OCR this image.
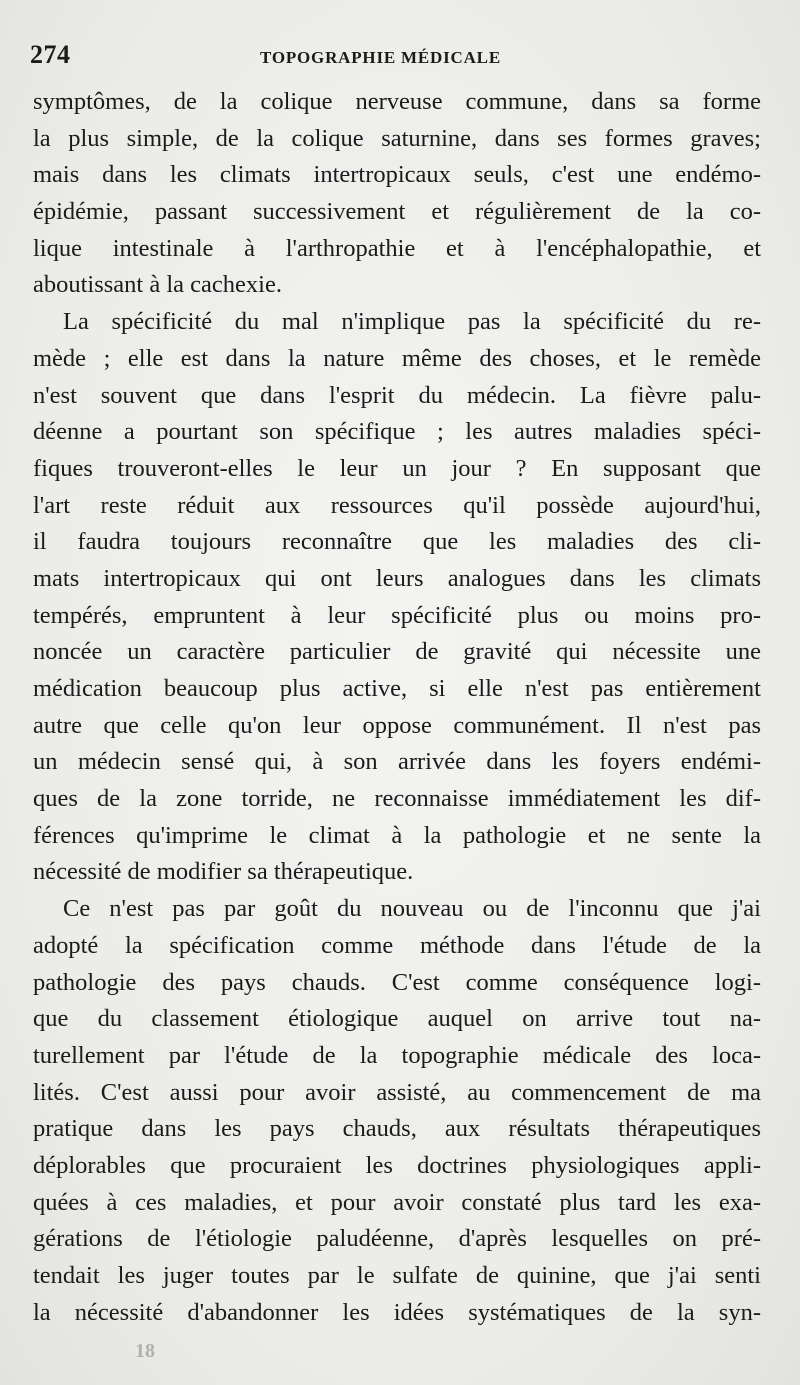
274	TOPOGRAPHIE MÉDICALE
symptômes, de la colique nerveuse commune, dans sa forme
la plus simple, de la colique saturnine, dans ses formes graves;
mais dans les climats intertropicaux seuls, c'est une endémo-
épidémie, passant successivement et régulièrement de la co-
lique intestinale à l'arthropathie et à l'encéphalopathie, et
aboutissant à la cachexie.
La spécificité du mal n'implique pas la spécificité du re-
mède ; elle est dans la nature même des choses, et le remède
n'est souvent que dans l'esprit du médecin. La fièvre palu-
déenne a pourtant son spécifique ; les autres maladies spéci-
fiques trouveront-elles le leur un jour ? En supposant que
l'art reste réduit aux ressources qu'il possède aujourd'hui,
il faudra toujours reconnaître que les maladies des cli-
mats intertropicaux qui ont leurs analogues dans les climats
tempérés, empruntent à leur spécificité plus ou moins pro-
noncée un caractère particulier de gravité qui nécessite une
médication beaucoup plus active, si elle n'est pas entièrement
autre que celle qu'on leur oppose communément. Il n'est pas
un médecin sensé qui, à son arrivée dans les foyers endémi-
ques de la zone torride, ne reconnaisse immédiatement les dif-
férences qu'imprime le climat à la pathologie et ne sente la
nécessité de modifier sa thérapeutique.
Ce n'est pas par goût du nouveau ou de l'inconnu que j'ai
adopté la spécification comme méthode dans l'étude de la
pathologie des pays chauds. C'est comme conséquence logi-
que du classement étiologique auquel on arrive tout na-
turellement par l'étude de la topographie médicale des loca-
lités. C'est aussi pour avoir assisté, au commencement de ma
pratique dans les pays chauds, aux résultats thérapeutiques
déplorables que procuraient les doctrines physiologiques appli-
quées à ces maladies, et pour avoir constaté plus tard les exa-
gérations de l'étiologie paludéenne, d'après lesquelles on pré-
tendait les juger toutes par le sulfate de quinine, que j'ai senti
la nécessité d'abandonner les idées systématiques de la syn-
18
